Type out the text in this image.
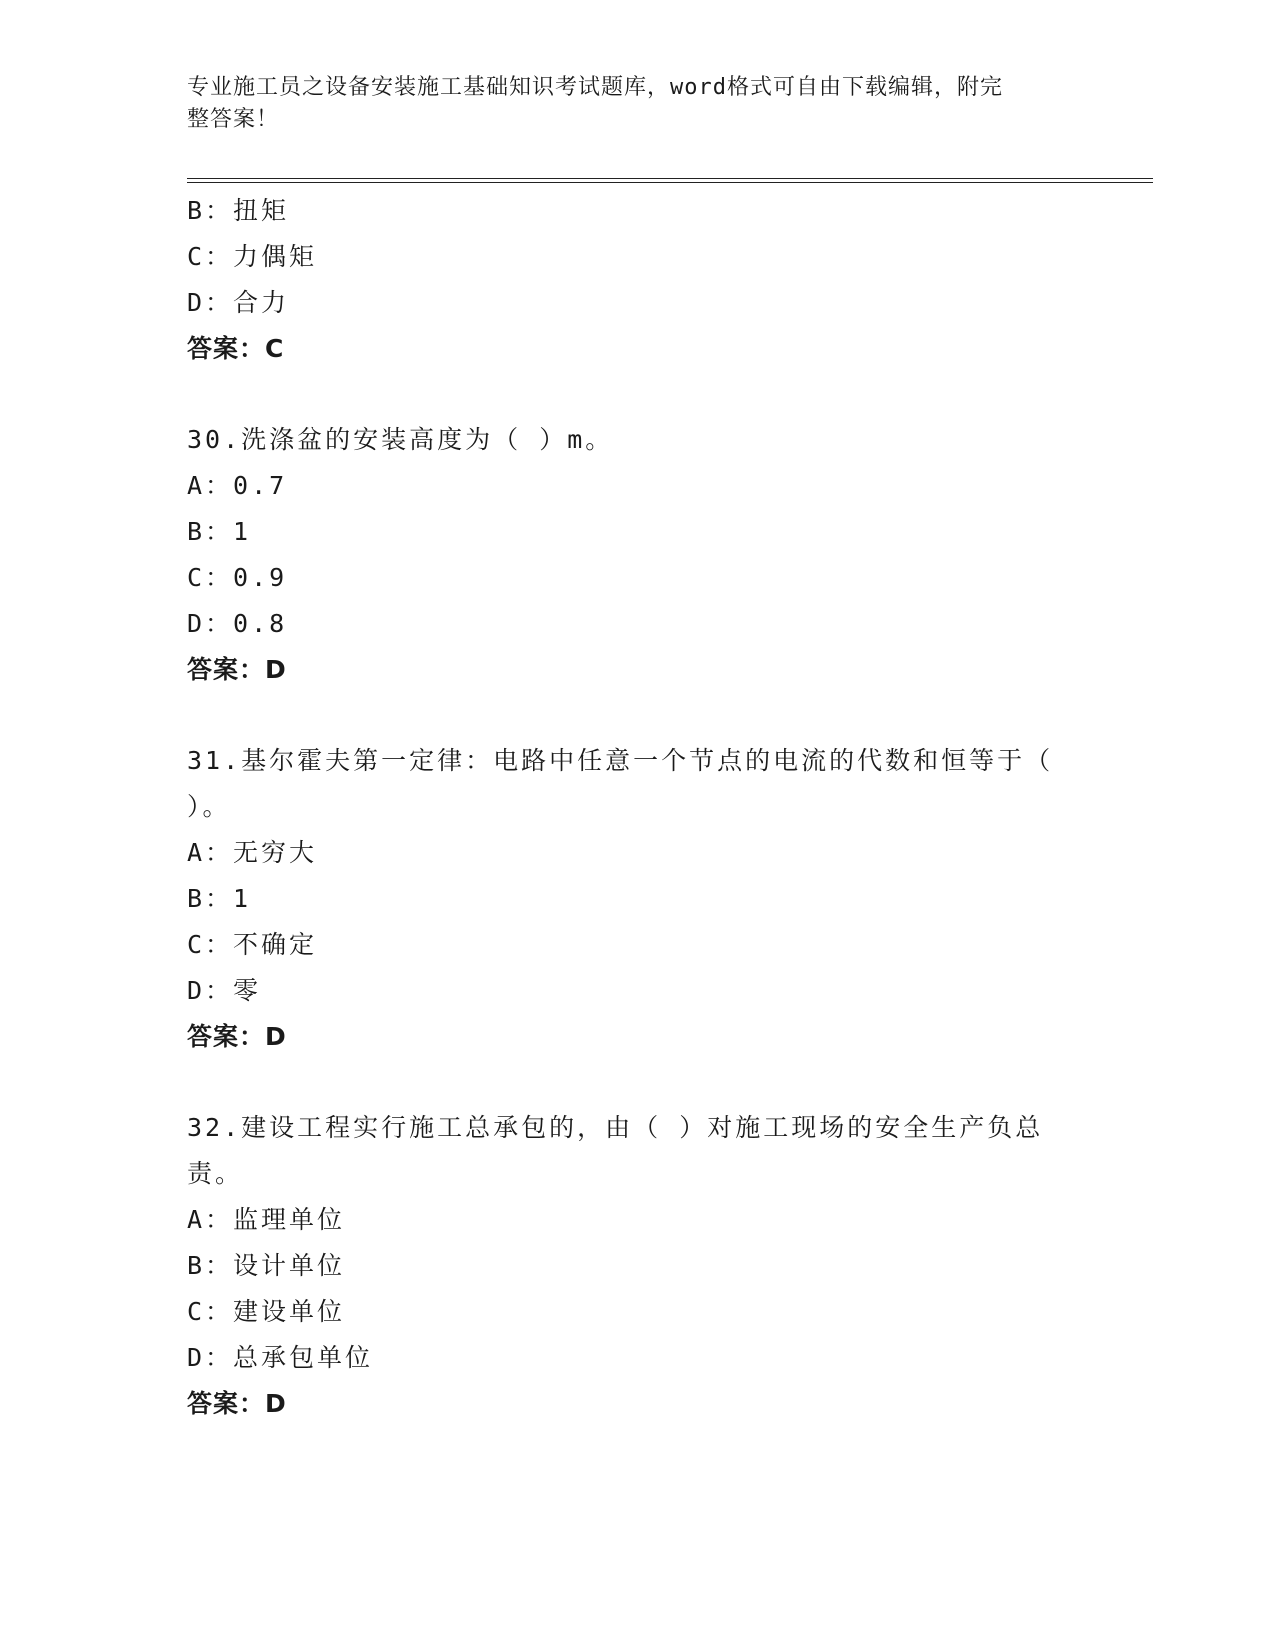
专业施工员之设备安装施工基础知识考试题库，word格式可自由下载编辑，附完
整答案！
B：扭矩
C：力偶矩
D：合力
答案：C
30.洗涤盆的安装高度为（ ）m。
A：0.7
B：1
C：0.9
D：0.8
答案：D
31.基尔霍夫第一定律：电路中任意一个节点的电流的代数和恒等于（
）。
A：无穷大
B：1
C：不确定
D：零
答案：D
32.建设工程实行施工总承包的，由（ ）对施工现场的安全生产负总
责。
A：监理单位
B：设计单位
C：建设单位
D：总承包单位
答案：D
